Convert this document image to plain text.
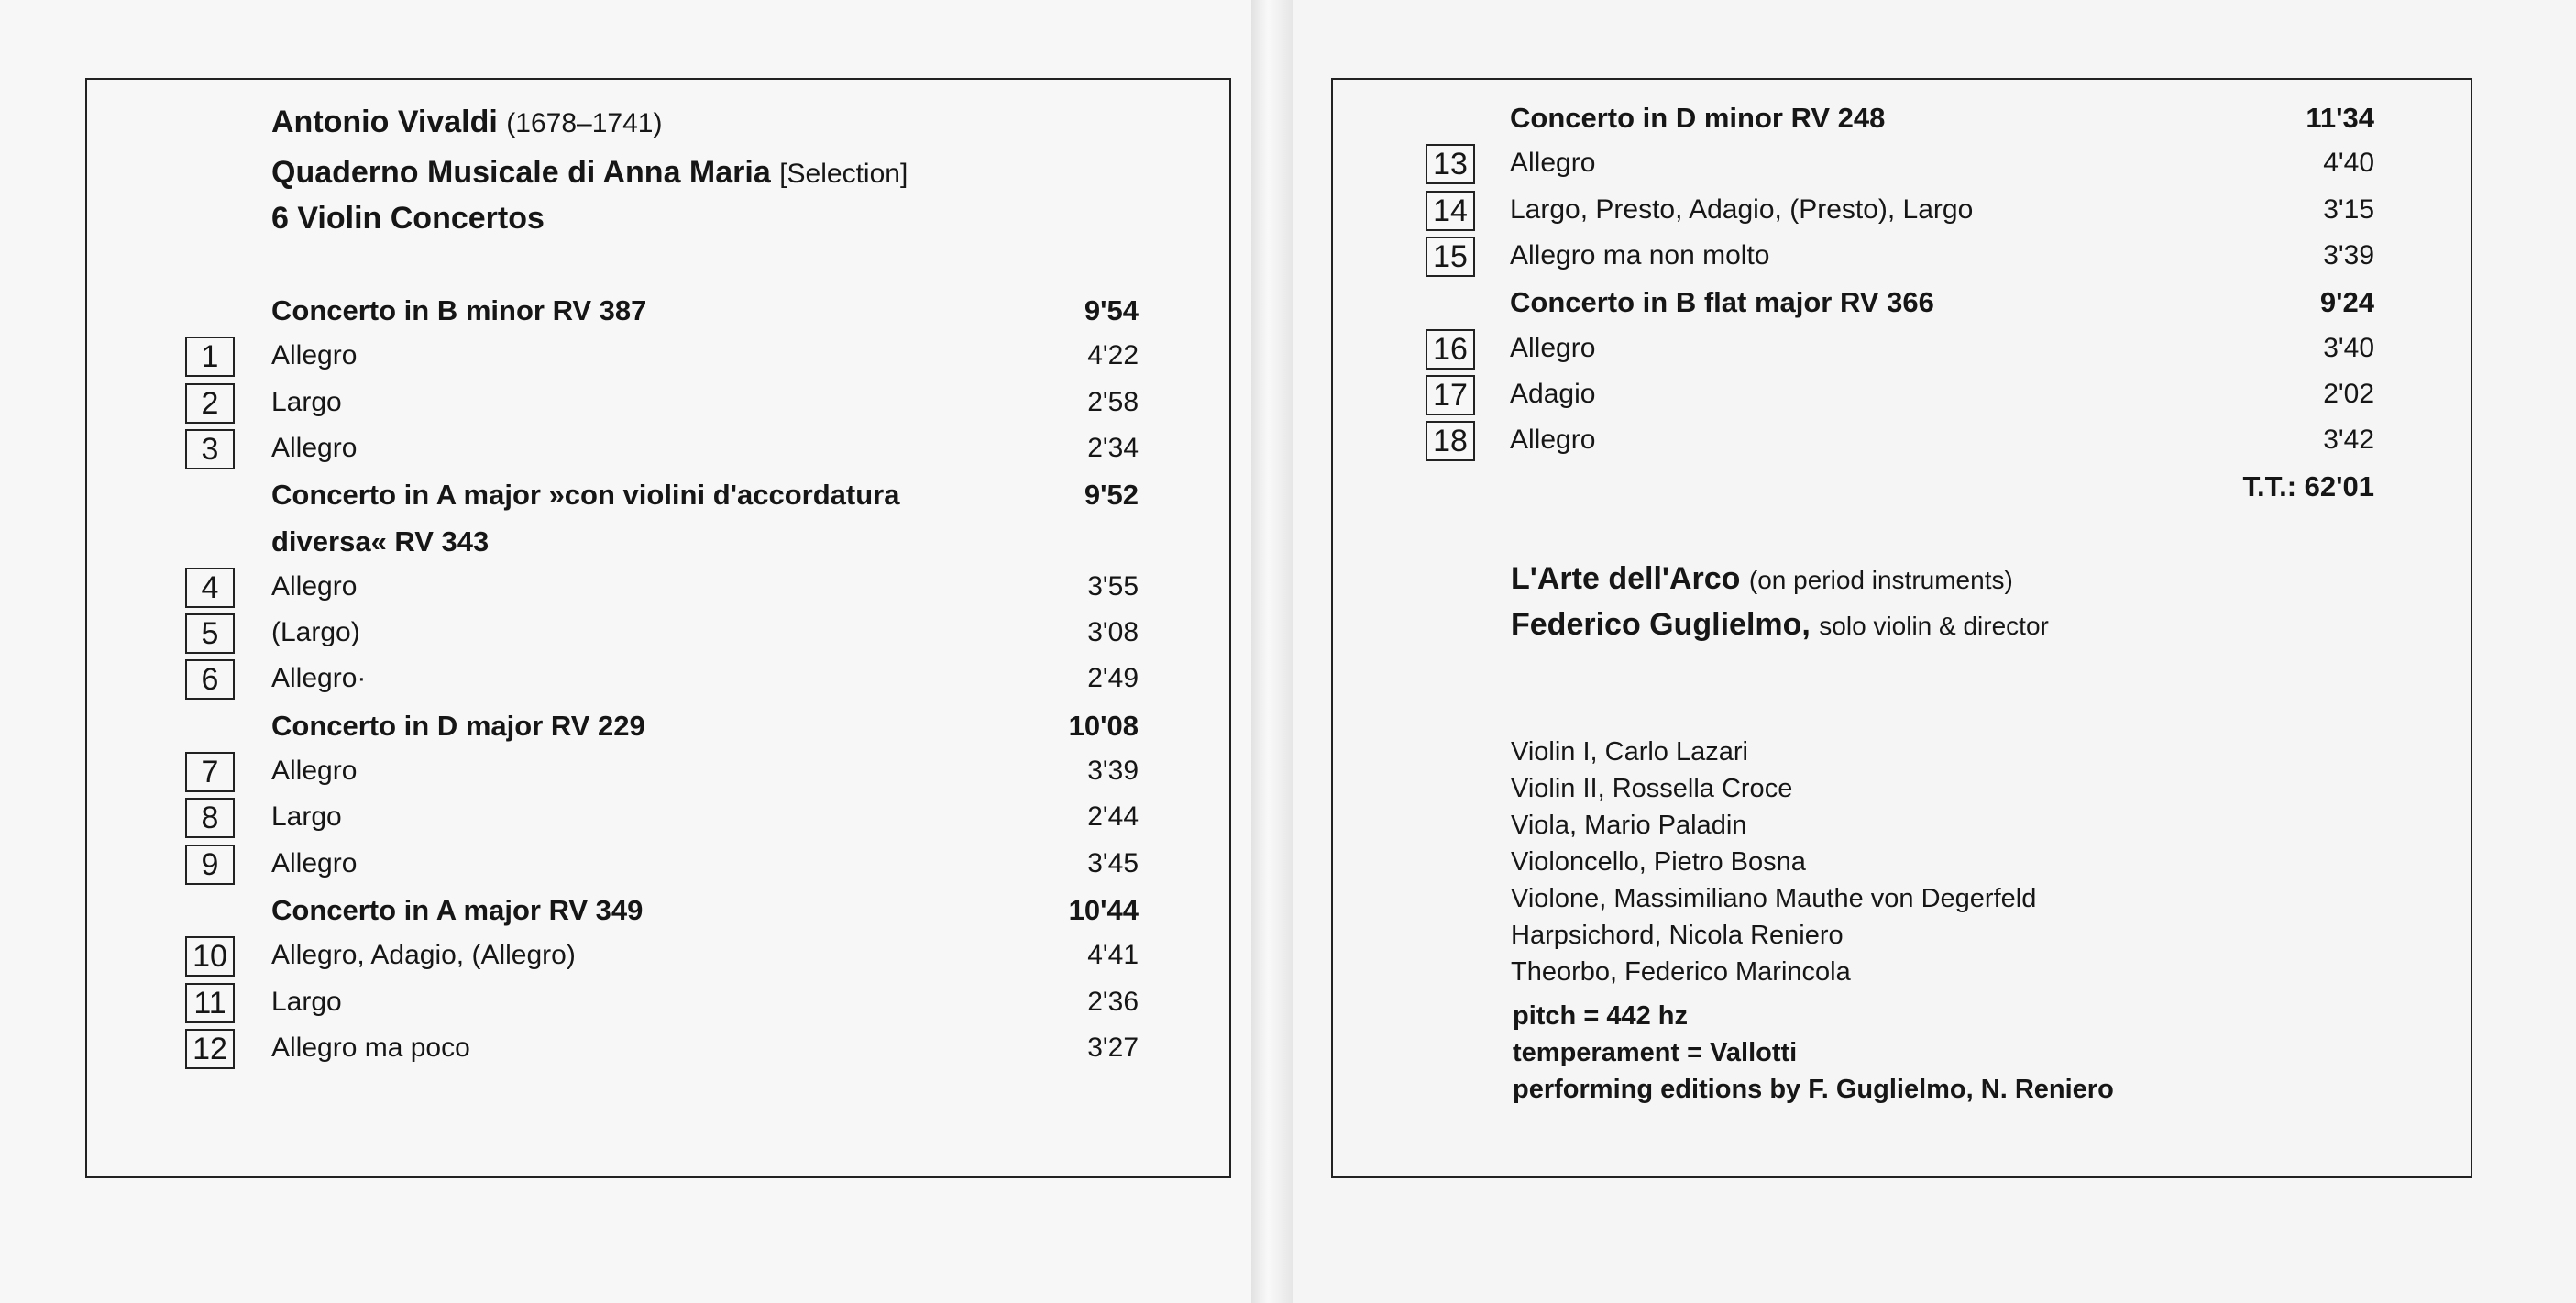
Antonio Vivaldi (1678–1741)
Quaderno Musicale di Anna Maria [Selection]
6 Violin Concertos
Concerto in B minor RV 387	9'54
1	Allegro	4'22
2	Largo	2'58
3	Allegro	2'34
Concerto in A major »con violini d'accordatura	9'52
diversa« RV 343
4	Allegro	3'55
5	(Largo)	3'08
6	Allegro·	2'49
Concerto in D major RV 229	10'08
7	Allegro	3'39
8	Largo	2'44
9	Allegro	3'45
Concerto in A major RV 349	10'44
10 Allegro, Adagio, (Allegro)	4'41
11	Largo	2'36
12 Allegro ma poco	3'27
Concerto in D minor RV 248	11'34
13 Allegro	4'40
14 Largo, Presto, Adagio, (Presto), Largo	3'15
15 Allegro ma non molto	3'39
Concerto in B flat major RV 366	9'24
16 Allegro	3'40
17 Adagio	2'02
18 Allegro	3'42
T.T.: 62'01
L'Arte dell'Arco (on period instruments)
Federico Guglielmo, solo violin & director
Violin I, Carlo Lazari
Violin II, Rossella Croce
Viola, Mario Paladin
Violoncello, Pietro Bosna
Violone, Massimiliano Mauthe von Degerfeld
Harpsichord, Nicola Reniero
Theorbo, Federico Marincola
pitch = 442 hz
temperament = Vallotti
performing editions by F. Guglielmo, N. Reniero
